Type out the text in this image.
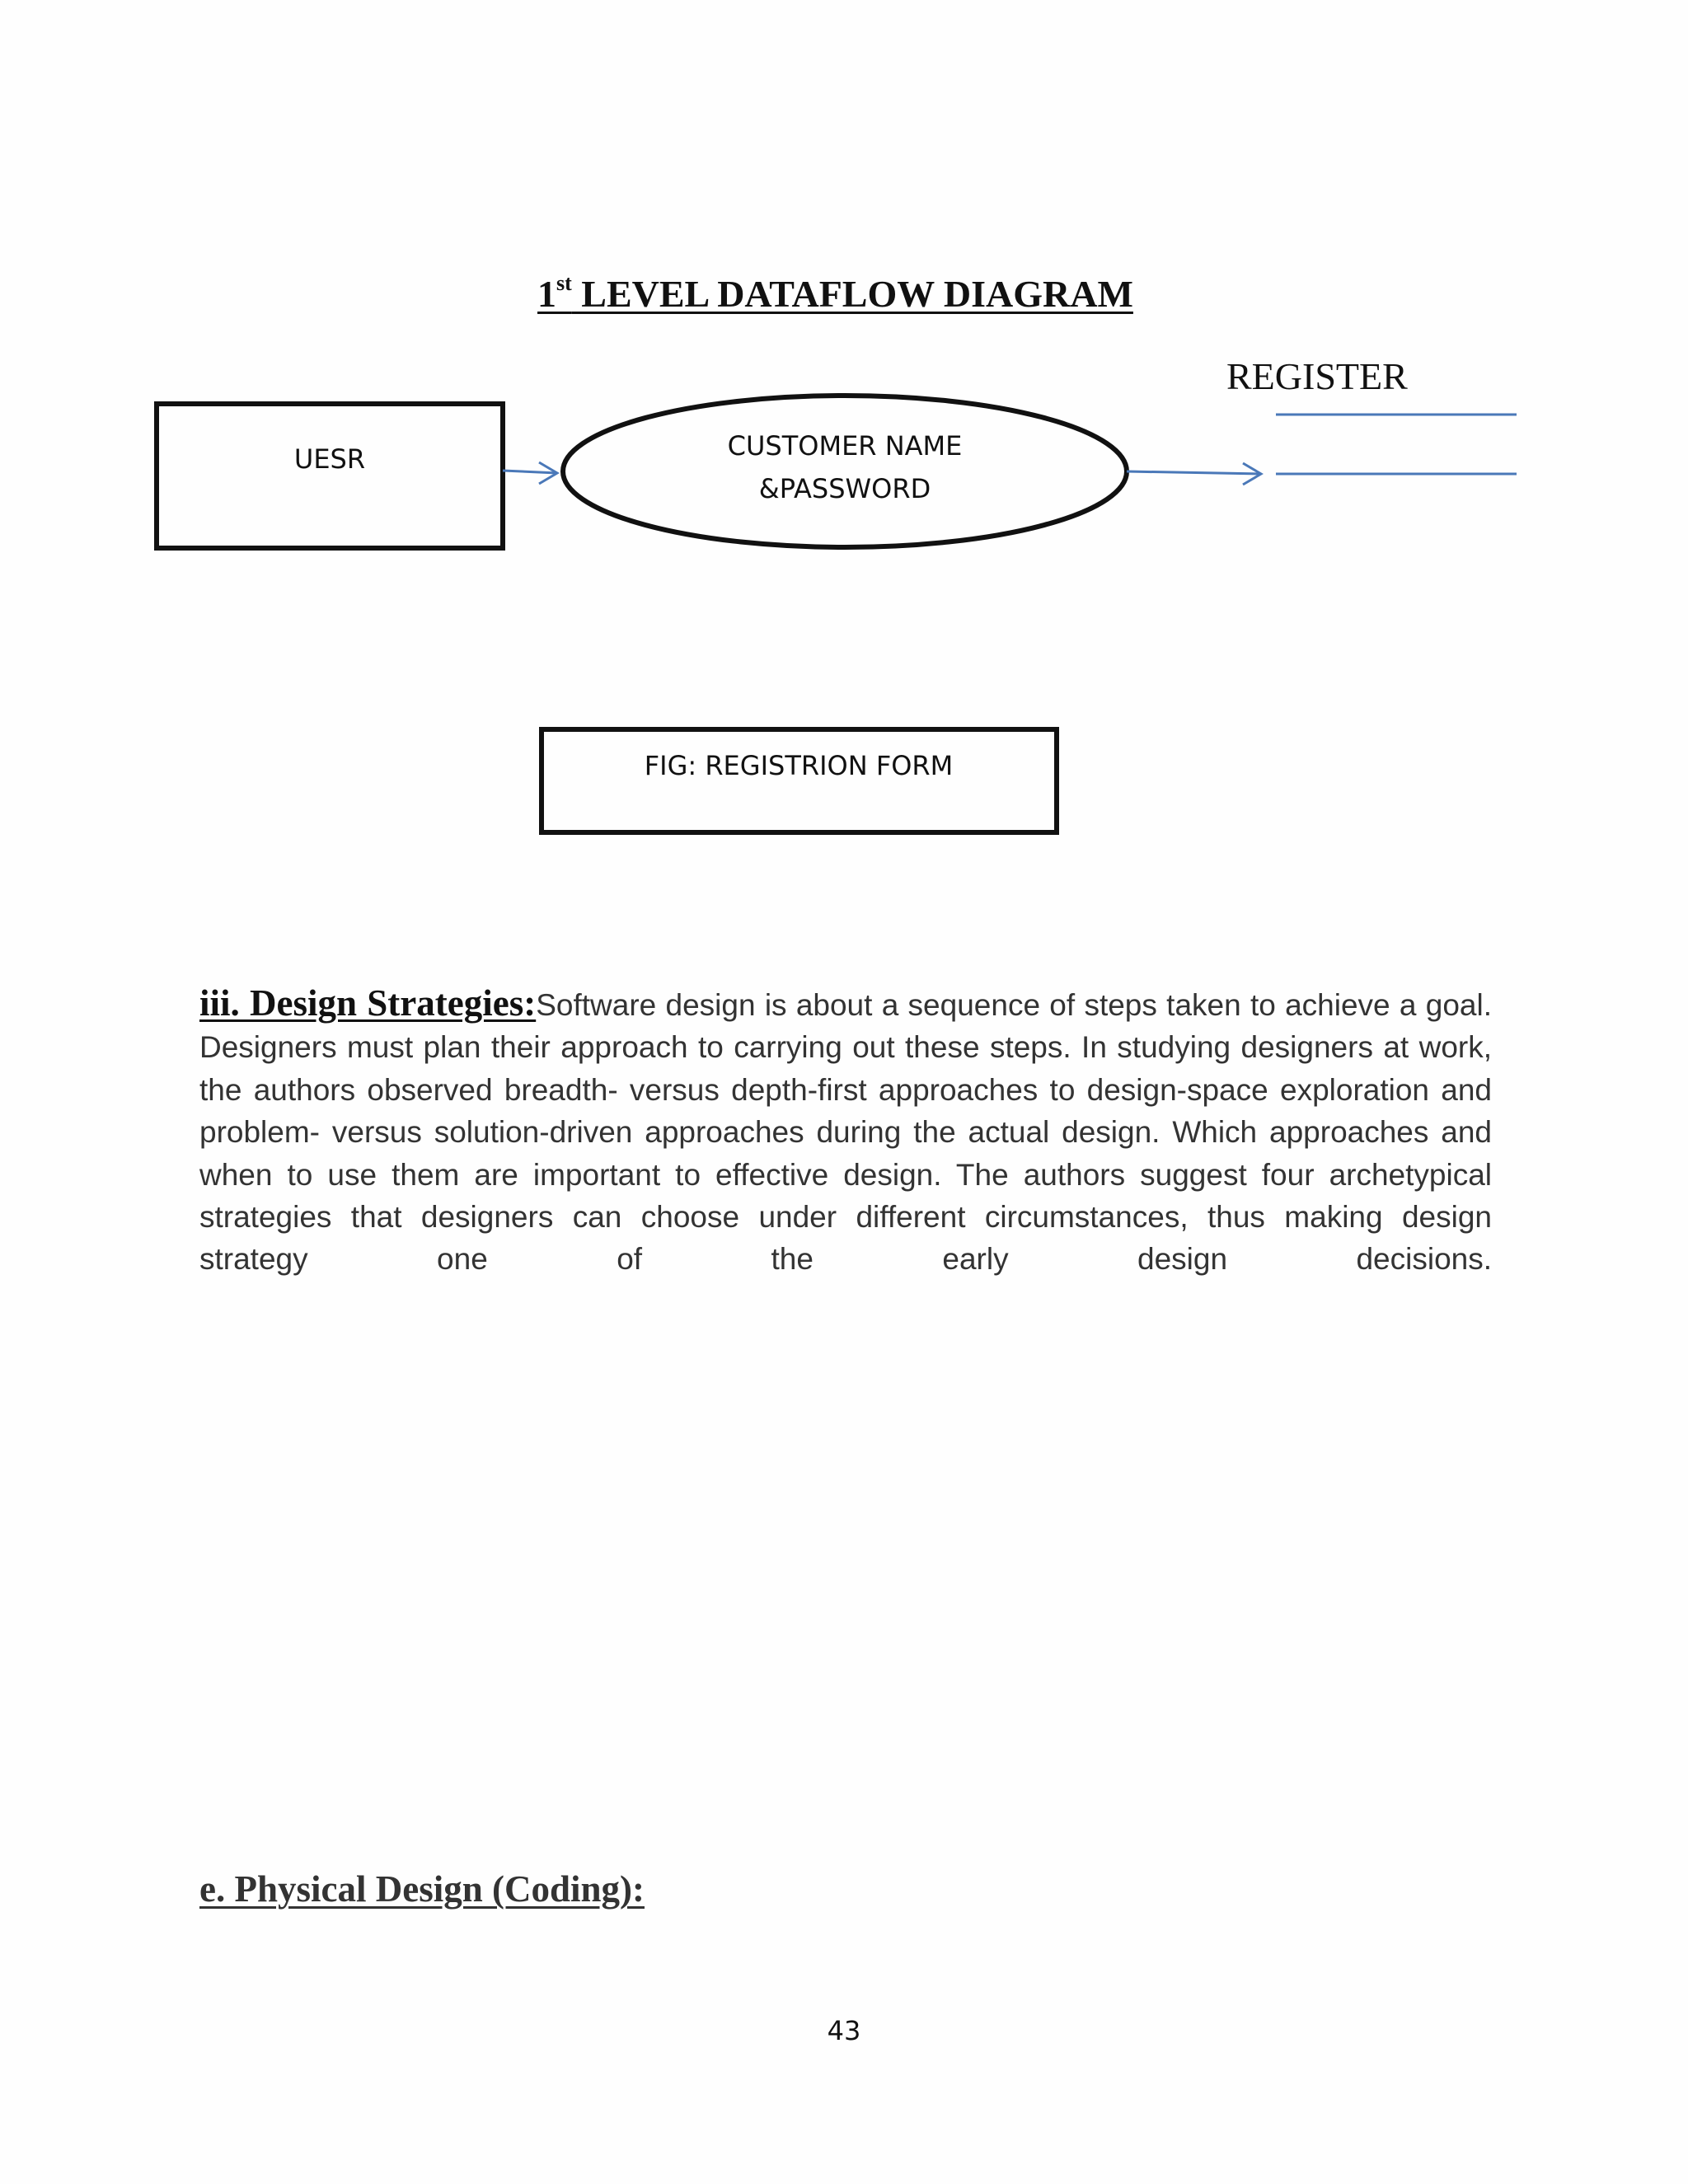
1st LEVEL DATAFLOW DIAGRAM
REGISTER
UESR	CUSTOMER NAME
&PASSWORD
FIG: REGISTRION FORM
iii. Design Strategies:Software design is about a sequence of steps taken to achieve a goal. Designers must plan their approach to carrying out these steps. In studying designers at work, the authors observed breadth- versus depth-first approaches to design-space exploration and problem- versus solution-driven approaches during the actual design. Which approaches and when to use them are important to effective design. The authors suggest four archetypical strategies that designers can choose under different circumstances, thus making design strategy one of the early design decisions.
e. Physical Design (Coding):
43
